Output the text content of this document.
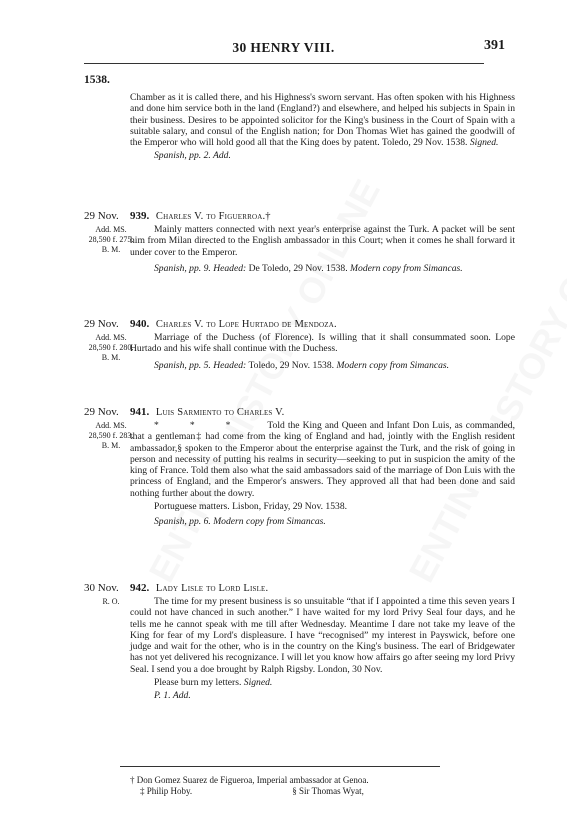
30 HENRY VIII.	391
1538.

Chamber as it is called there, and his Highness's sworn servant. Has often spoken with his Highness and done him service both in the land (England?) and elsewhere, and helped his subjects in Spain in their business. Desires to be appointed solicitor for the King's business in the Court of Spain with a suitable salary, and consul of the English nation; for Don Thomas Wiet has gained the goodwill of the Emperor who will hold good all that the King does by patent. Toledo, 29 Nov. 1538. Signed.

Spanish, pp. 2. Add.

29 Nov.
Add. MS.
28,590 f. 275.
B. M.
939. Charles V. to Figuerroa.†

Mainly matters connected with next year's enterprise against the Turk. A packet will be sent him from Milan directed to the English ambassador in this Court; when it comes he shall forward it under cover to the Emperor.

Spanish, pp. 9. Headed: De Toledo, 29 Nov. 1538. Modern copy from Simancas.

29 Nov.
Add. MS.
28,590 f. 280.
B. M.
940. Charles V. to Lope Hurtado de Mendoza.

Marriage of the Duchess (of Florence). Is willing that it shall consummated soon. Lope Hurtado and his wife shall continue with the Duchess.

Spanish, pp. 5. Headed: Toledo, 29 Nov. 1538. Modern copy from Simancas.

29 Nov.
Add. MS.
28,590 f. 283.
B. M.
941. Luis Sarmiento to Charles V.

* * * Told the King and Queen and Infant Don Luis, as commanded, that a gentleman‡ had come from the king of England and had, jointly with the English resident ambassador,§ spoken to the Emperor about the enterprise against the Turk, and the risk of going in person and necessity of putting his realms in security—seeking to put in suspicion the amity of the king of France. Told them also what the said ambassadors said of the marriage of Don Luis with the princess of England, and the Emperor's answers. They approved all that had been done and said nothing further about the dowry.

Portuguese matters. Lisbon, Friday, 29 Nov. 1538.

Spanish, pp. 6. Modern copy from Simancas.

30 Nov.
R. O.
942. Lady Lisle to Lord Lisle.

The time for my present business is so unsuitable “that if I appointed a time this seven years I could not have chanced in such another.” I have waited for my lord Privy Seal four days, and he tells me he cannot speak with me till after Wednesday. Meantime I dare not take my leave of the King for fear of my Lord's displeasure. I have “recognised” my interest in Payswick, before one judge and wait for the other, who is in the country on the King's business. The earl of Bridgewater has not yet delivered his recognizance. I will let you know how affairs go after seeing my lord Privy Seal. I send you a doe brought by Ralph Rigsby. London, 30 Nov.

Please burn my letters. Signed.

P. 1. Add.

† Don Gomez Suarez de Figueroa, Imperial ambassador at Genoa.
‡ Philip Hoby.	§ Sir Thomas Wyat,
